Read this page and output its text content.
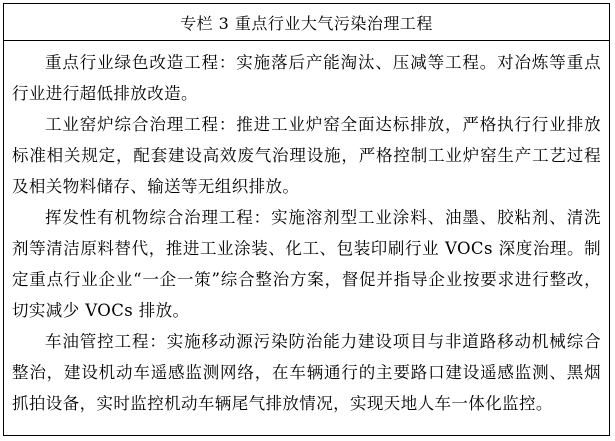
专栏 3 重点行业大气污染治理工程

重点行业绿色改造工程：实施落后产能淘汰、压减等工程。对冶炼等重点行业进行超低排放改造。

工业窑炉综合治理工程：推进工业炉窑全面达标排放，严格执行行业排放标准相关规定，配套建设高效废气治理设施，严格控制工业炉窑生产工艺过程及相关物料储存、输送等无组织排放。

挥发性有机物综合治理工程：实施溶剂型工业涂料、油墨、胶粘剂、清洗剂等清洁原料替代，推进工业涂装、化工、包装印刷行业 VOCs 深度治理。制定重点行业企业“一企一策”综合整治方案，督促并指导企业按要求进行整改，切实减少 VOCs 排放。

车油管控工程：实施移动源污染防治能力建设项目与非道路移动机械综合整治，建设机动车遥感监测网络，在车辆通行的主要路口建设遥感监测、黑烟抓拍设备，实时监控机动车辆尾气排放情况，实现天地人车一体化监控。
